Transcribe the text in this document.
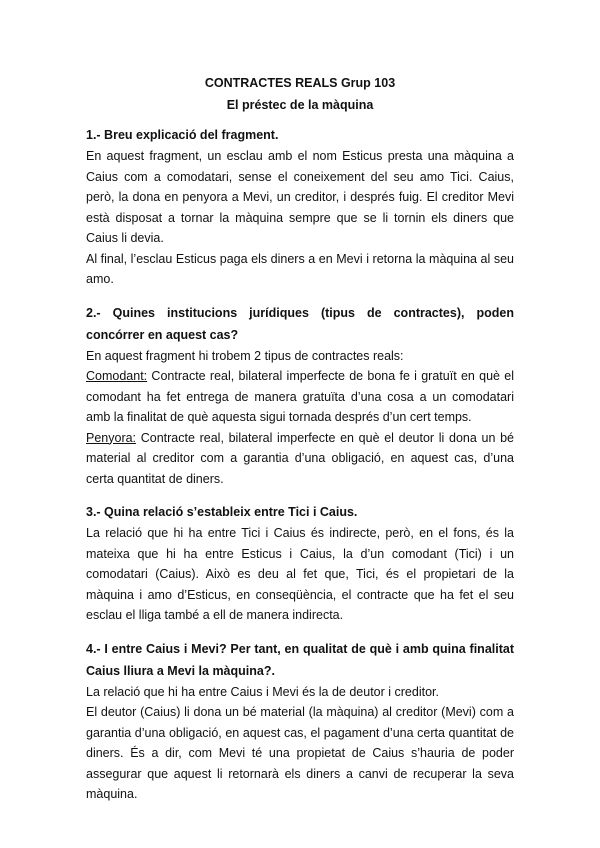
CONTRACTES REALS Grup 103
El préstec de la màquina
1.- Breu explicació del fragment.

En aquest fragment, un esclau amb el nom Esticus presta una màquina a Caius com a comodatari, sense el coneixement del seu amo Tici. Caius, però, la dona en penyora a Mevi, un creditor, i després fuig. El creditor Mevi està disposat a tornar la màquina sempre que se li tornin els diners que Caius li devia.

Al final, l’esclau Esticus paga els diners a en Mevi i retorna la màquina al seu amo.

2.- Quines institucions jurídiques (tipus de contractes), poden concórrer en aquest cas?

En aquest fragment hi trobem 2 tipus de contractes reals:

Comodant: Contracte real, bilateral imperfecte de bona fe i gratuït en què el comodant ha fet entrega de manera gratuïta d’una cosa a un comodatari amb la finalitat de què aquesta sigui tornada després d’un cert temps.

Penyora: Contracte real, bilateral imperfecte en què el deutor li dona un bé material al creditor com a garantia d’una obligació, en aquest cas, d’una certa quantitat de diners.

3.- Quina relació s’estableix entre Tici i Caius.

La relació que hi ha entre Tici i Caius és indirecte, però, en el fons, és la mateixa que hi ha entre Esticus i Caius, la d’un comodant (Tici) i un comodatari (Caius). Això es deu al fet que, Tici, és el propietari de la màquina i amo d’Esticus, en conseqüència, el contracte que ha fet el seu esclau el lliga també a ell de manera indirecta.

4.- I entre Caius i Mevi? Per tant, en qualitat de què i amb quina finalitat Caius lliura a Mevi la màquina?.

La relació que hi ha entre Caius i Mevi és la de deutor i creditor.

El deutor (Caius) li dona un bé material (la màquina) al creditor (Mevi) com a garantia d’una obligació, en aquest cas, el pagament d’una certa quantitat de diners. És a dir, com Mevi té una propietat de Caius s’hauria de poder assegurar que aquest li retornarà els diners a canvi de recuperar la seva màquina.
